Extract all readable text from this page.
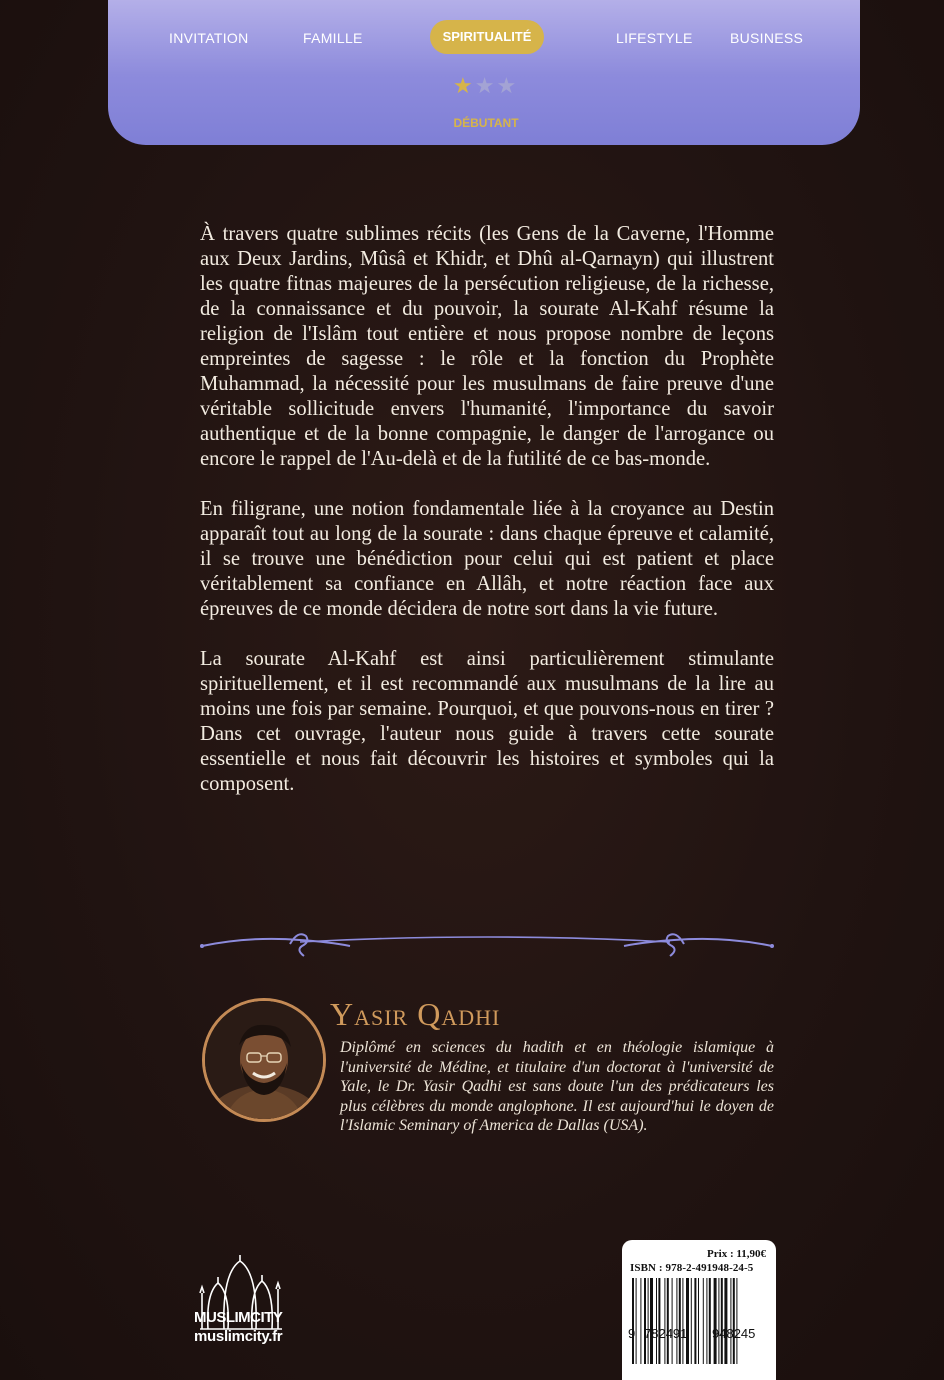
INVITATION	FAMILLE	SPIRITUALITÉ	LIFESTYLE	BUSINESS
★★★
DÉBUTANT

À travers quatre sublimes récits (les Gens de la Caverne, l'Homme aux Deux Jardins, Mûsâ et Khidr, et Dhû al-Qarnayn) qui illustrent les quatre fitnas majeures de la persécution religieuse, de la richesse, de la connaissance et du pouvoir, la sourate Al-Kahf résume la religion de l'Islâm tout entière et nous propose nombre de leçons empreintes de sagesse : le rôle et la fonction du Prophète Muhammad, la nécessité pour les musulmans de faire preuve d'une véritable sollicitude envers l'humanité, l'importance du savoir authentique et de la bonne compagnie, le danger de l'arrogance ou encore le rappel de l'Au-delà et de la futilité de ce bas-monde.

En filigrane, une notion fondamentale liée à la croyance au Destin apparaît tout au long de la sourate : dans chaque épreuve et calamité, il se trouve une bénédiction pour celui qui est patient et place véritablement sa confiance en Allâh, et notre réaction face aux épreuves de ce monde décidera de notre sort dans la vie future.

La sourate Al-Kahf est ainsi particulièrement stimulante spirituellement, et il est recommandé aux musulmans de la lire au moins une fois par semaine. Pourquoi, et que pouvons-nous en tirer ? Dans cet ouvrage, l'auteur nous guide à travers cette sourate essentielle et nous fait découvrir les histoires et symboles qui la composent.

Yasir Qadhi
Diplômé en sciences du hadith et en théologie islamique à l'université de Médine, et titulaire d'un doctorat à l'université de Yale, le Dr. Yasir Qadhi est sans doute l'un des prédicateurs les plus célèbres du monde anglophone. Il est aujourd'hui le doyen de l'Islamic Seminary of America de Dallas (USA).
MUSLIMCITY
muslimcity.fr
Prix : 11,90€
ISBN : 978-2-491948-24-5
9 782491 948245
